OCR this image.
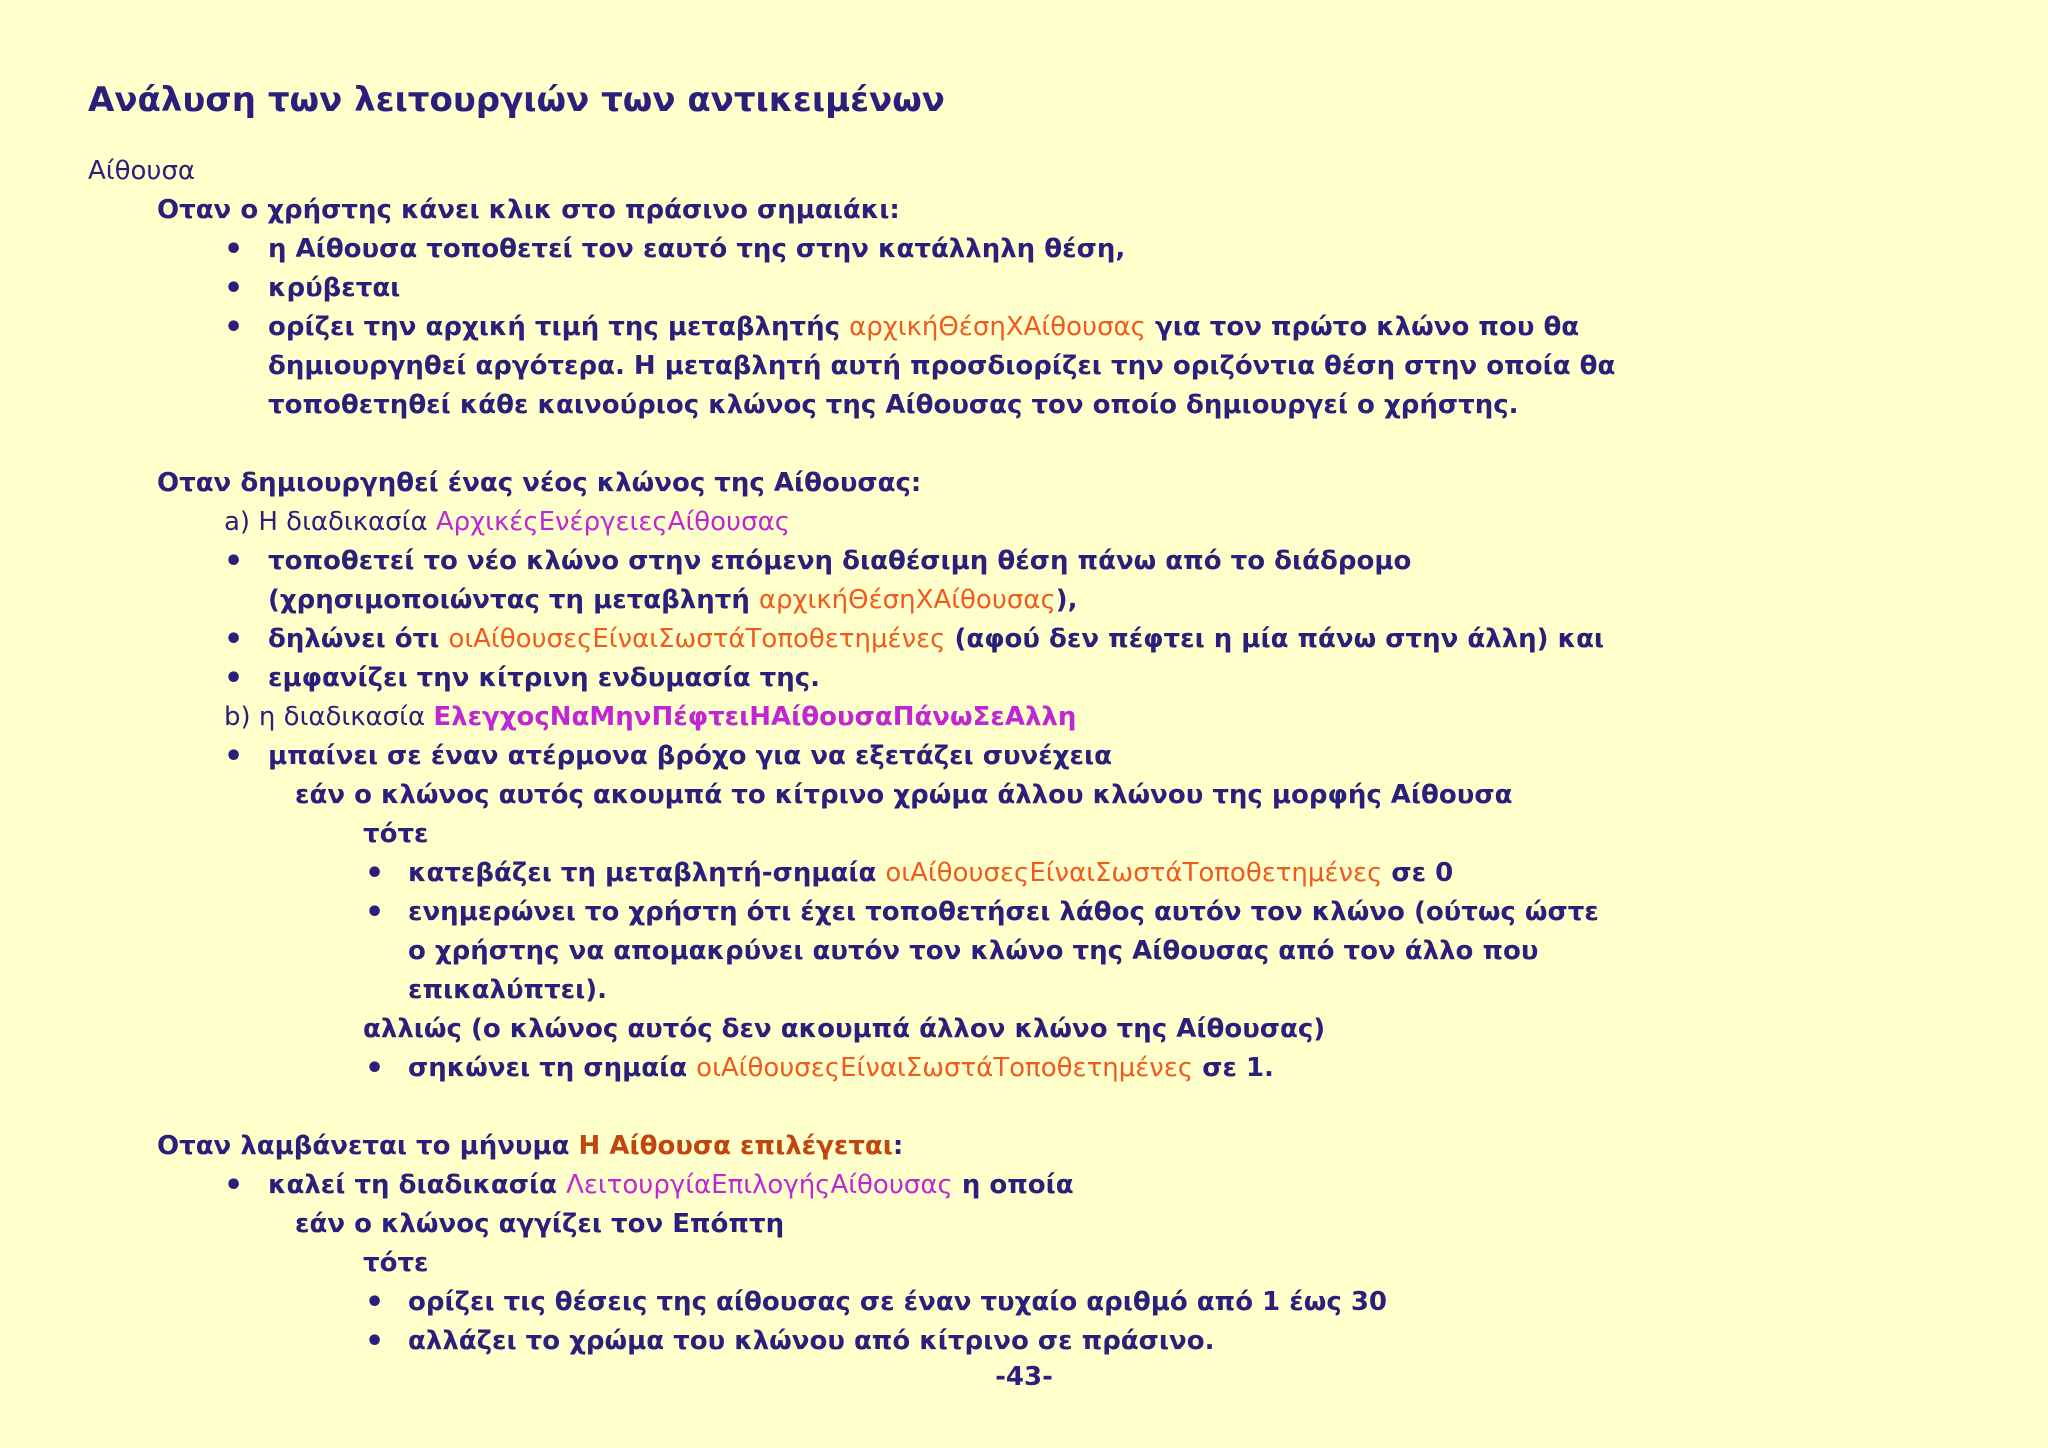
Ανάλυση των λειτουργιών των αντικειμένων
Αίθουσα
Οταν ο χρήστης κάνει κλικ στο πράσινο σημαιάκι:
• η Αίθουσα τοποθετεί τον εαυτό της στην κατάλληλη θέση,
• κρύβεται
• ορίζει την αρχική τιμή της μεταβλητής αρχικήΘέσηΧΑίθουσας για τον πρώτο κλώνο που θα
δημιουργηθεί αργότερα. Η μεταβλητή αυτή προσδιορίζει την οριζόντια θέση στην οποία θα
τοποθετηθεί κάθε καινούριος κλώνος της Αίθουσας τον οποίο δημιουργεί ο χρήστης.
Οταν δημιουργηθεί ένας νέος κλώνος της Αίθουσας:
a) Η διαδικασία ΑρχικέςΕνέργειεςΑίθουσας
• τοποθετεί το νέο κλώνο στην επόμενη διαθέσιμη θέση πάνω από το διάδρομο
(χρησιμοποιώντας τη μεταβλητή αρχικήΘέσηΧΑίθουσας),
• δηλώνει ότι οιΑίθουσεςΕίναιΣωστάΤοποθετημένες (αφού δεν πέφτει η μία πάνω στην άλλη) και
• εμφανίζει την κίτρινη ενδυμασία της.
b) η διαδικασία ΕλεγχοςΝαΜηνΠέφτειΗΑίθουσαΠάνωΣεΑλλη
• μπαίνει σε έναν ατέρμονα βρόχο για να εξετάζει συνέχεια
εάν ο κλώνος αυτός ακουμπά το κίτρινο χρώμα άλλου κλώνου της μορφής Αίθουσα
τότε
• κατεβάζει τη μεταβλητή-σημαία οιΑίθουσεςΕίναιΣωστάΤοποθετημένες σε 0
• ενημερώνει το χρήστη ότι έχει τοποθετήσει λάθος αυτόν τον κλώνο (ούτως ώστε
ο χρήστης να απομακρύνει αυτόν τον κλώνο της Αίθουσας από τον άλλο που
επικαλύπτει).
αλλιώς (ο κλώνος αυτός δεν ακουμπά άλλον κλώνο της Αίθουσας)
• σηκώνει τη σημαία οιΑίθουσεςΕίναιΣωστάΤοποθετημένες σε 1.
Οταν λαμβάνεται το μήνυμα Η Αίθουσα επιλέγεται:
• καλεί τη διαδικασία ΛειτουργίαΕπιλογήςΑίθουσας η οποία
εάν ο κλώνος αγγίζει τον Επόπτη
τότε
• ορίζει τις θέσεις της αίθουσας σε έναν τυχαίο αριθμό από 1 έως 30
• αλλάζει το χρώμα του κλώνου από κίτρινο σε πράσινο.
-43-
